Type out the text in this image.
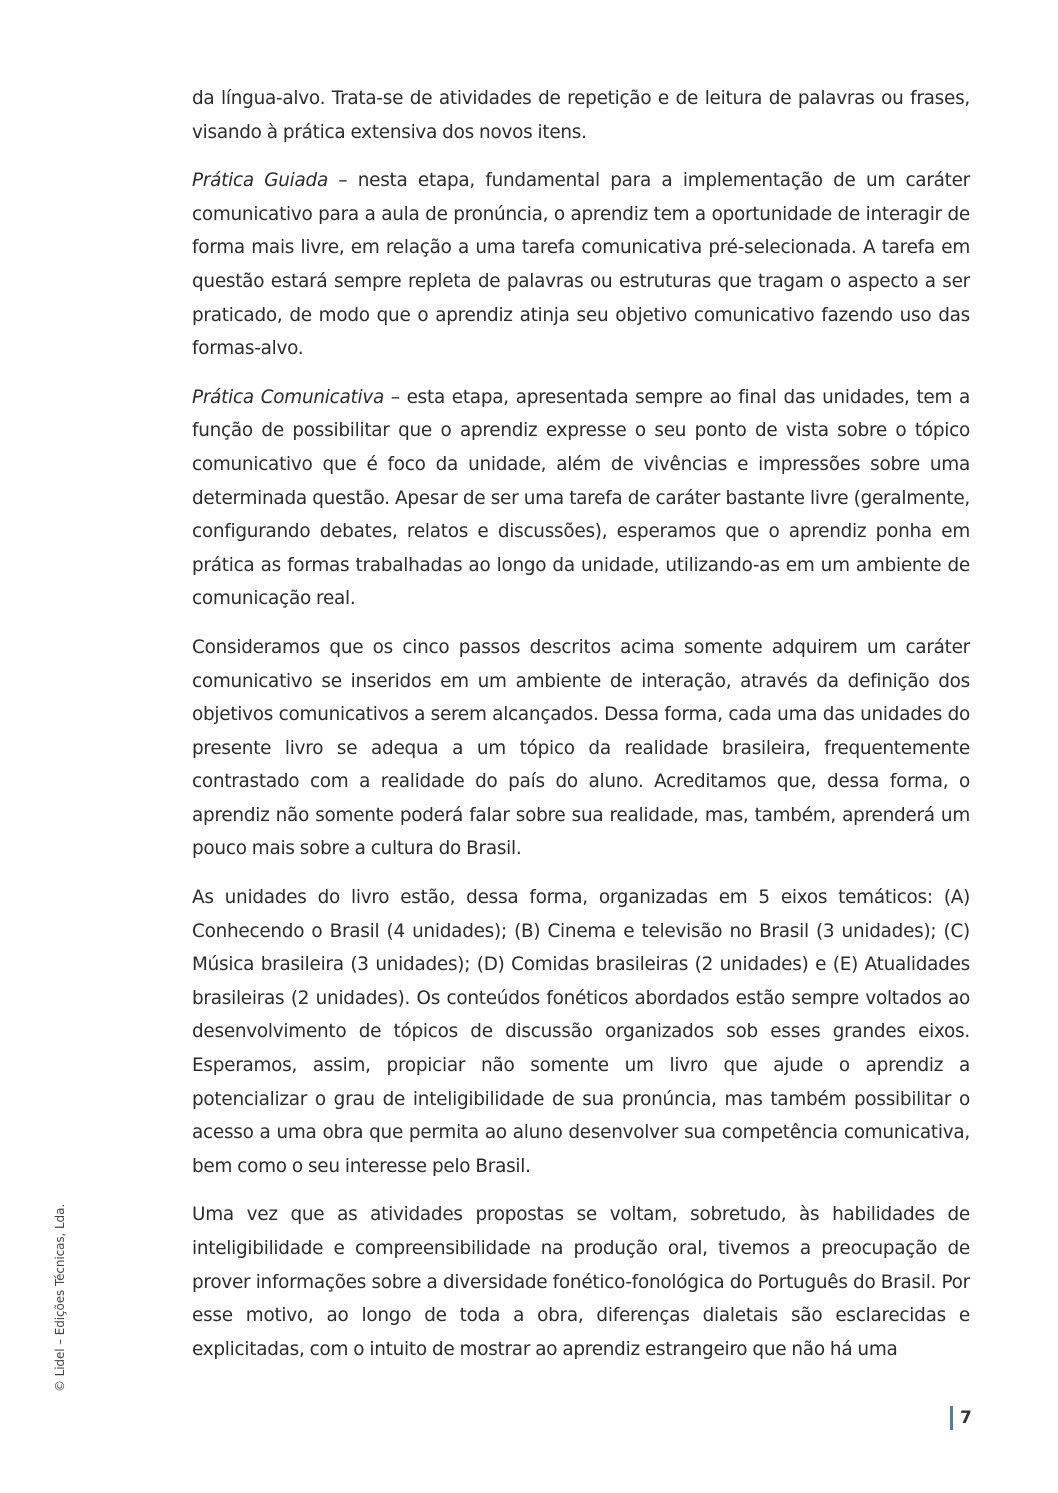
da língua-alvo. Trata-se de atividades de repetição e de leitura de palavras ou frases, visando à prática extensiva dos novos itens.

Prática Guiada – nesta etapa, fundamental para a implementação de um caráter comunicativo para a aula de pronúncia, o aprendiz tem a oportunidade de interagir de forma mais livre, em relação a uma tarefa comunicativa pré-selecionada. A tarefa em questão estará sempre repleta de palavras ou estruturas que tragam o aspecto a ser praticado, de modo que o aprendiz atinja seu objetivo comunicativo fazendo uso das formas-alvo.

Prática Comunicativa – esta etapa, apresentada sempre ao final das unidades, tem a função de possibilitar que o aprendiz expresse o seu ponto de vista sobre o tópico comunicativo que é foco da unidade, além de vivências e impressões sobre uma determinada questão. Apesar de ser uma tarefa de caráter bastante livre (geralmente, configurando debates, relatos e discussões), esperamos que o aprendiz ponha em prática as formas trabalhadas ao longo da unidade, utilizando-as em um ambiente de comunicação real.

Consideramos que os cinco passos descritos acima somente adquirem um caráter comunicativo se inseridos em um ambiente de interação, através da definição dos objetivos comunicativos a serem alcançados. Dessa forma, cada uma das unidades do presente livro se adequa a um tópico da realidade brasileira, frequentemente contrastado com a realidade do país do aluno. Acreditamos que, dessa forma, o aprendiz não somente poderá falar sobre sua realidade, mas, também, aprenderá um pouco mais sobre a cultura do Brasil.

As unidades do livro estão, dessa forma, organizadas em 5 eixos temáticos: (A) Conhecendo o Brasil (4 unidades); (B) Cinema e televisão no Brasil (3 unidades); (C) Música brasileira (3 unidades); (D) Comidas brasileiras (2 unidades) e (E) Atualidades brasileiras (2 unidades). Os conteúdos fonéticos abordados estão sempre voltados ao desenvolvimento de tópicos de discussão organizados sob esses grandes eixos. Esperamos, assim, propiciar não somente um livro que ajude o aprendiz a potencializar o grau de inteligibilidade de sua pronúncia, mas também possibilitar o acesso a uma obra que permita ao aluno desenvolver sua competência comunicativa, bem como o seu interesse pelo Brasil.

Uma vez que as atividades propostas se voltam, sobretudo, às habilidades de inteligibilidade e compreensibilidade na produção oral, tivemos a preocupação de prover informações sobre a diversidade fonético-fonológica do Português do Brasil. Por esse motivo, ao longo de toda a obra, diferenças dialetais são esclarecidas e explicitadas, com o intuito de mostrar ao aprendiz estrangeiro que não há uma

© Lidel – Edições Técnicas, Lda.
7
